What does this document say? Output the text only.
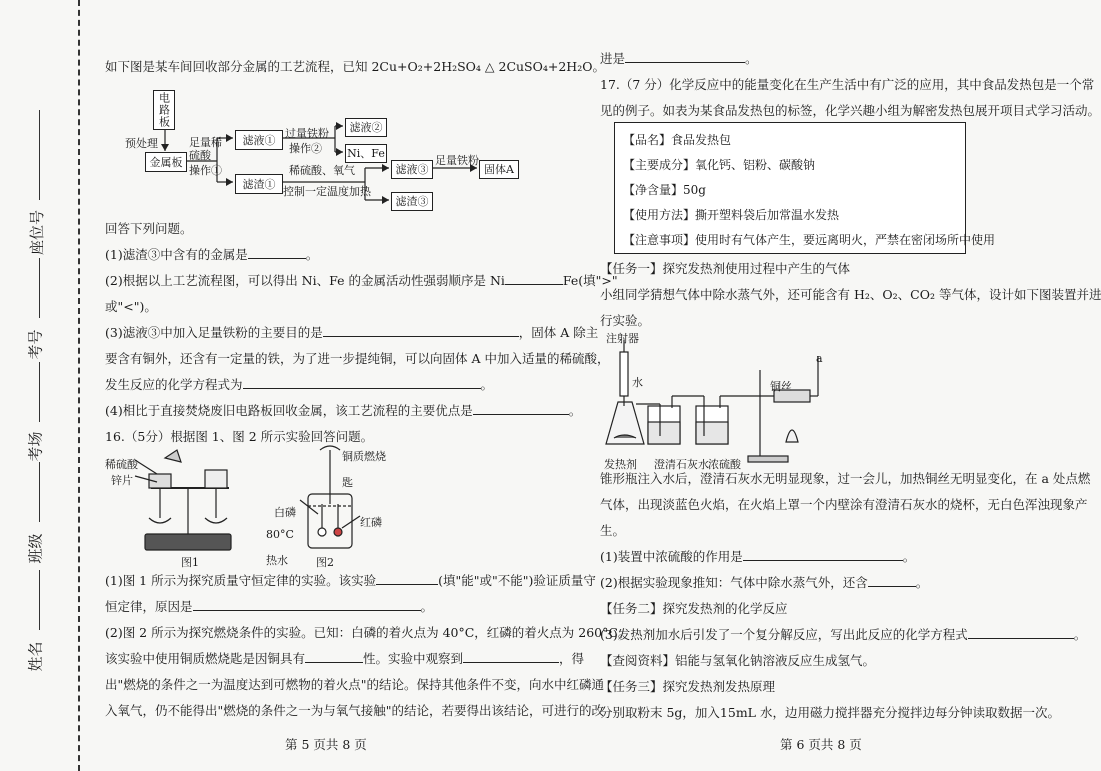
座位号
考号
考场
班级
姓名
如下图是某车间回收部分金属的工艺流程，已知 2Cu+O₂+2H₂SO₄ △ 2CuSO₄+2H₂O。
电路板
预处理
金属板
足量稀硫酸
操作①
滤液① 过量铁粉
操作②
滤液②
Ni、Fe
滤渣①
稀硫酸、氧气
控制一定温度加热
滤液③
滤渣③
足量铁粉
固体A
回答下列问题。
(1)滤渣③中含有的金属是	。
(2)根据以上工艺流程图，可以得出 Ni、Fe 的金属活动性强弱顺序是 Ni	Fe(填">"
或"<")。
(3)滤液③中加入足量铁粉的主要目的是	，固体 A 除主
要含有铜外，还含有一定量的铁，为了进一步提纯铜，可以向固体 A 中加入适量的稀硫酸，
发生反应的化学方程式为	。
(4)相比于直接焚烧废旧电路板回收金属，该工艺流程的主要优点是	。
16.（5分）根据图 1、图 2 所示实验回答问题。
稀硫酸
锌片
图1
铜质燃烧匙
白磷
红磷
80°C热水	图2
(1)图 1 所示为探究质量守恒定律的实验。该实验	(填"能"或"不能")验证质量守
恒定律，原因是	。
(2)图 2 所示为探究燃烧条件的实验。已知：白磷的着火点为 40°C，红磷的着火点为 260°C。
该实验中使用铜质燃烧匙是因铜具有	性。实验中观察到	，得
出"燃烧的条件之一为温度达到可燃物的着火点"的结论。保持其他条件不变，向水中红磷通
入氧气，仍不能得出"燃烧的条件之一为与氧气接触"的结论，若要得出该结论，可进行的改
第 5 页共 8 页
进是	。
17.（7 分）化学反应中的能量变化在生产生活中有广泛的应用，其中食品发热包是一个常
见的例子。如表为某食品发热包的标签，化学兴趣小组为解密发热包展开项目式学习活动。
【品名】食品发热包
【主要成分】氧化钙、铝粉、碳酸钠
【净含量】50g
【使用方法】撕开塑料袋后加常温水发热
【注意事项】使用时有气体产生，要远离明火，严禁在密闭场所中使用
【任务一】探究发热剂使用过程中产生的气体
小组同学猜想气体中除水蒸气外，还可能含有 H₂、O₂、CO₂ 等气体，设计如下图装置并进
行实验。
注射器
水	铜丝
a
发热剂 澄清石灰水 浓硫酸
锥形瓶注入水后，澄清石灰水无明显现象，过一会儿，加热铜丝无明显变化，在 a 处点燃
气体，出现淡蓝色火焰，在火焰上罩一个内壁涂有澄清石灰水的烧杯，无白色浑浊现象产
生。
(1)装置中浓硫酸的作用是	。
(2)根据实验现象推知：气体中除水蒸气外，还含	。
【任务二】探究发热剂的化学反应
(3)发热剂加水后引发了一个复分解反应，写出此反应的化学方程式	。
【查阅资料】铝能与氢氧化钠溶液反应生成氢气。
【任务三】探究发热剂发热原理
分别取粉末 5g，加入15mL 水，边用磁力搅拌器充分搅拌边每分钟读取数据一次。
第 6 页共 8 页
